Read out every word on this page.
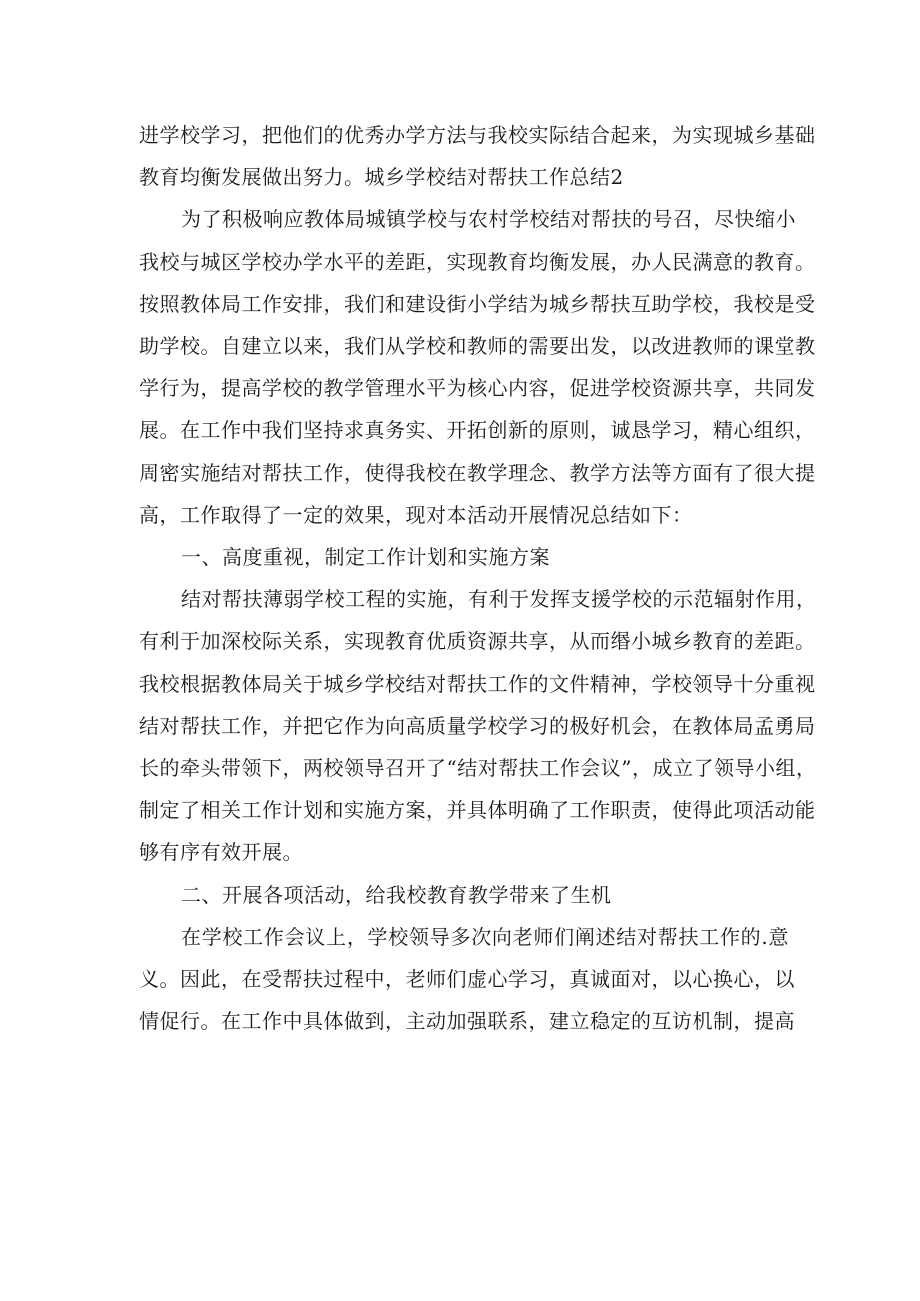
进学校学习，把他们的优秀办学方法与我校实际结合起来，为实现城乡基础
教育均衡发展做出努力。城乡学校结对帮扶工作总结2
为了积极响应教体局城镇学校与农村学校结对帮扶的号召，尽快缩小
我校与城区学校办学水平的差距，实现教育均衡发展，办人民满意的教育。
按照教体局工作安排，我们和建设街小学结为城乡帮扶互助学校，我校是受
助学校。自建立以来，我们从学校和教师的需要出发，以改进教师的课堂教
学行为，提高学校的教学管理水平为核心内容，促进学校资源共享，共同发
展。在工作中我们坚持求真务实、开拓创新的原则，诚恳学习，精心组织，
周密实施结对帮扶工作，使得我校在教学理念、教学方法等方面有了很大提
高，工作取得了一定的效果，现对本活动开展情况总结如下：
一、高度重视，制定工作计划和实施方案
结对帮扶薄弱学校工程的实施，有利于发挥支援学校的示范辐射作用，
有利于加深校际关系，实现教育优质资源共享，从而缗小城乡教育的差距。
我校根据教体局关于城乡学校结对帮扶工作的文件精神，学校领导十分重视
结对帮扶工作，并把它作为向高质量学校学习的极好机会，在教体局孟勇局
长的牵头带领下，两校领导召开了“结对帮扶工作会议”，成立了领导小组，
制定了相关工作计划和实施方案，并具体明确了工作职责，使得此项活动能
够有序有效开展。
二、开展各项活动，给我校教育教学带来了生机
在学校工作会议上，学校领导多次向老师们阐述结对帮扶工作的.意
义。因此，在受帮扶过程中，老师们虚心学习，真诚面对，以心换心，以
情促行。在工作中具体做到，主动加强联系，建立稳定的互访机制，提高
